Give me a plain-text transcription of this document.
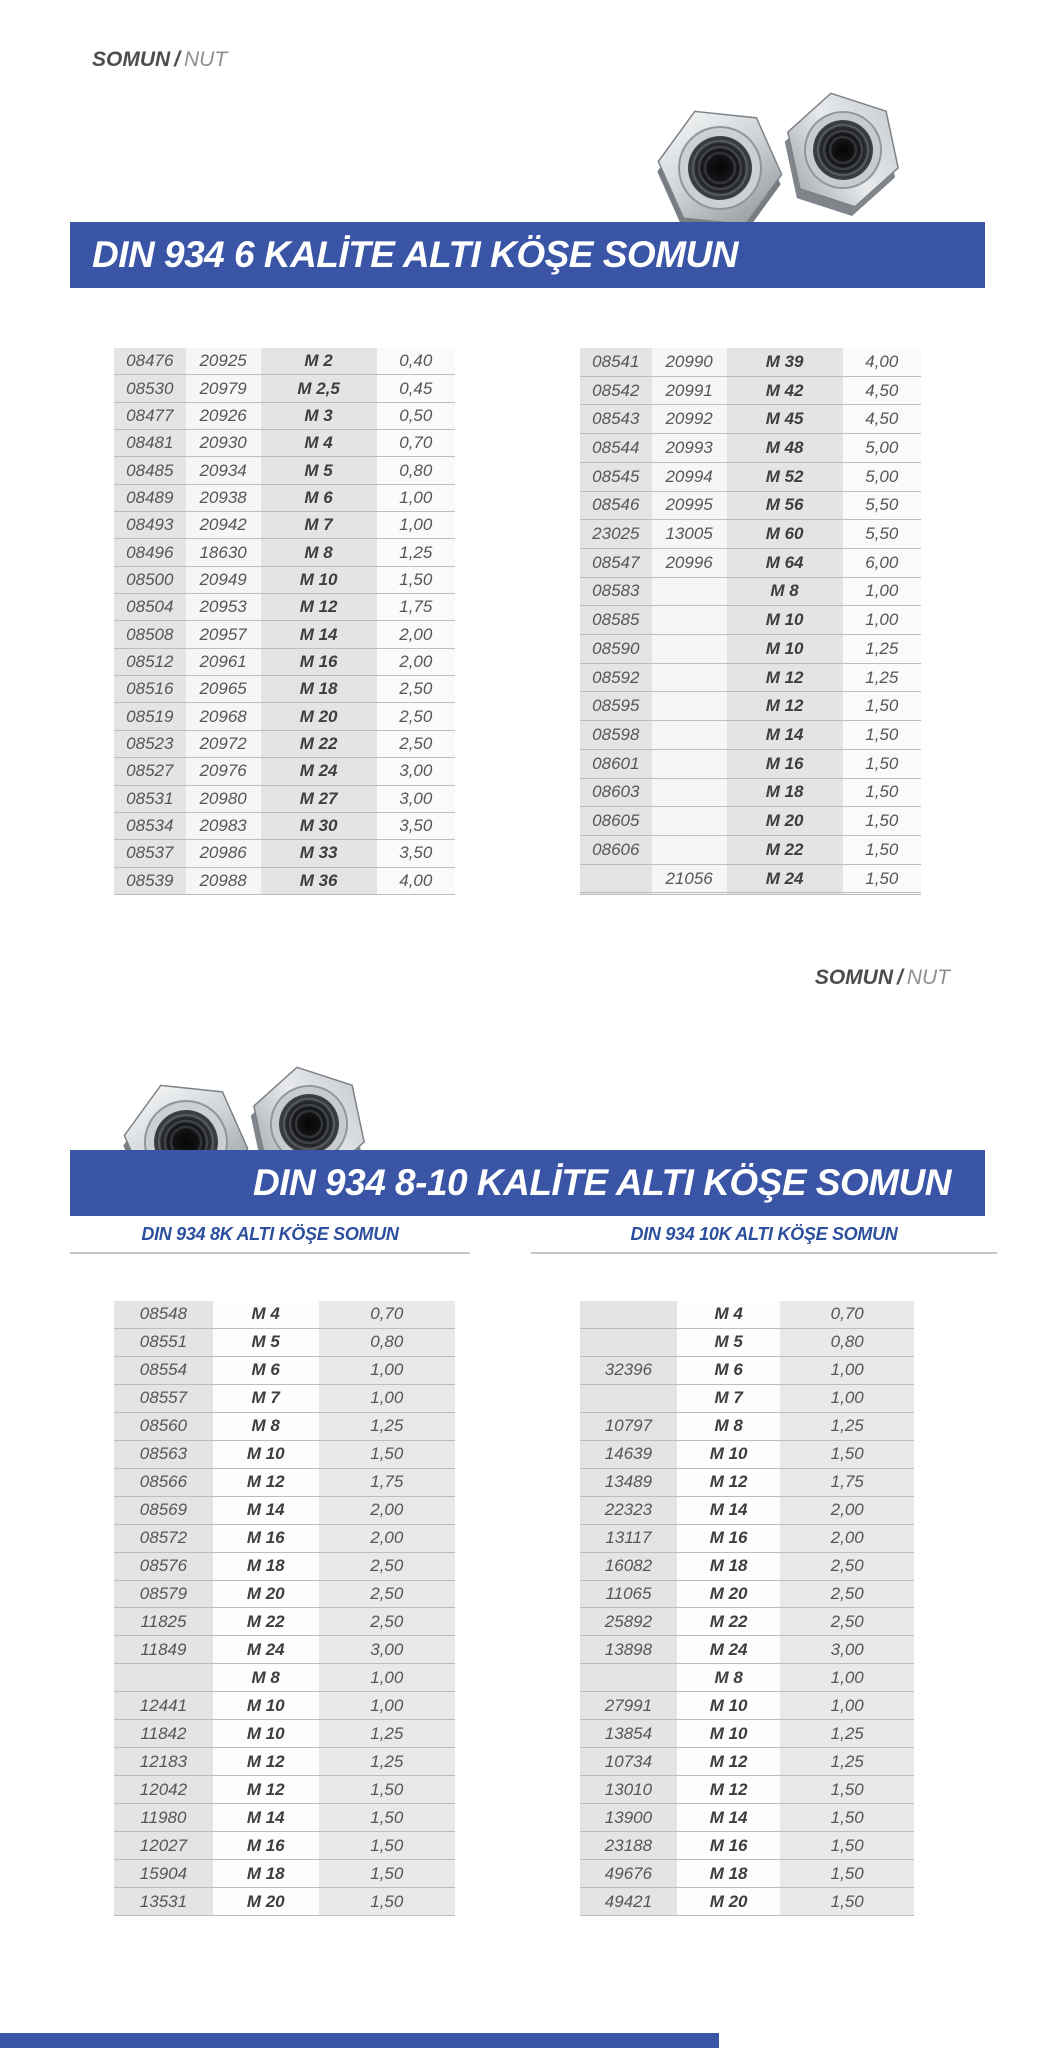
SOMUN / NUT
DIN 934 6 KALİTE ALTI KÖŞE SOMUN
08476	20925	M 2	0,40
08530	20979	M 2,5	0,45
08477	20926	M 3	0,50
08481	20930	M 4	0,70
08485	20934	M 5	0,80
08489	20938	M 6	1,00
08493	20942	M 7	1,00
08496	18630	M 8	1,25
08500	20949	M 10	1,50
08504	20953	M 12	1,75
08508	20957	M 14	2,00
08512	20961	M 16	2,00
08516	20965	M 18	2,50
08519	20968	M 20	2,50
08523	20972	M 22	2,50
08527	20976	M 24	3,00
08531	20980	M 27	3,00
08534	20983	M 30	3,50
08537	20986	M 33	3,50
08539	20988	M 36	4,00
08541	20990	M 39	4,00
08542	20991	M 42	4,50
08543	20992	M 45	4,50
08544	20993	M 48	5,00
08545	20994	M 52	5,00
08546	20995	M 56	5,50
23025	13005	M 60	5,50
08547	20996	M 64	6,00
08583		M 8	1,00
08585		M 10	1,00
08590		M 10	1,25
08592		M 12	1,25
08595		M 12	1,50
08598		M 14	1,50
08601		M 16	1,50
08603		M 18	1,50
08605		M 20	1,50
08606		M 22	1,50
	21056	M 24	1,50

SOMUN / NUT
DIN 934 8-10 KALİTE ALTI KÖŞE SOMUN
DIN 934 8K ALTI KÖŞE SOMUN	DIN 934 10K ALTI KÖŞE SOMUN
08548	M 4	0,70
08551	M 5	0,80
08554	M 6	1,00
08557	M 7	1,00
08560	M 8	1,25
08563	M 10	1,50
08566	M 12	1,75
08569	M 14	2,00
08572	M 16	2,00
08576	M 18	2,50
08579	M 20	2,50
11825	M 22	2,50
11849	M 24	3,00
	M 8	1,00
12441	M 10	1,00
11842	M 10	1,25
12183	M 12	1,25
12042	M 12	1,50
11980	M 14	1,50
12027	M 16	1,50
15904	M 18	1,50
13531	M 20	1,50
	M 4	0,70
	M 5	0,80
32396	M 6	1,00
	M 7	1,00
10797	M 8	1,25
14639	M 10	1,50
13489	M 12	1,75
22323	M 14	2,00
13117	M 16	2,00
16082	M 18	2,50
11065	M 20	2,50
25892	M 22	2,50
13898	M 24	3,00
	M 8	1,00
27991	M 10	1,00
13854	M 10	1,25
10734	M 12	1,25
13010	M 12	1,50
13900	M 14	1,50
23188	M 16	1,50
49676	M 18	1,50
49421	M 20	1,50
